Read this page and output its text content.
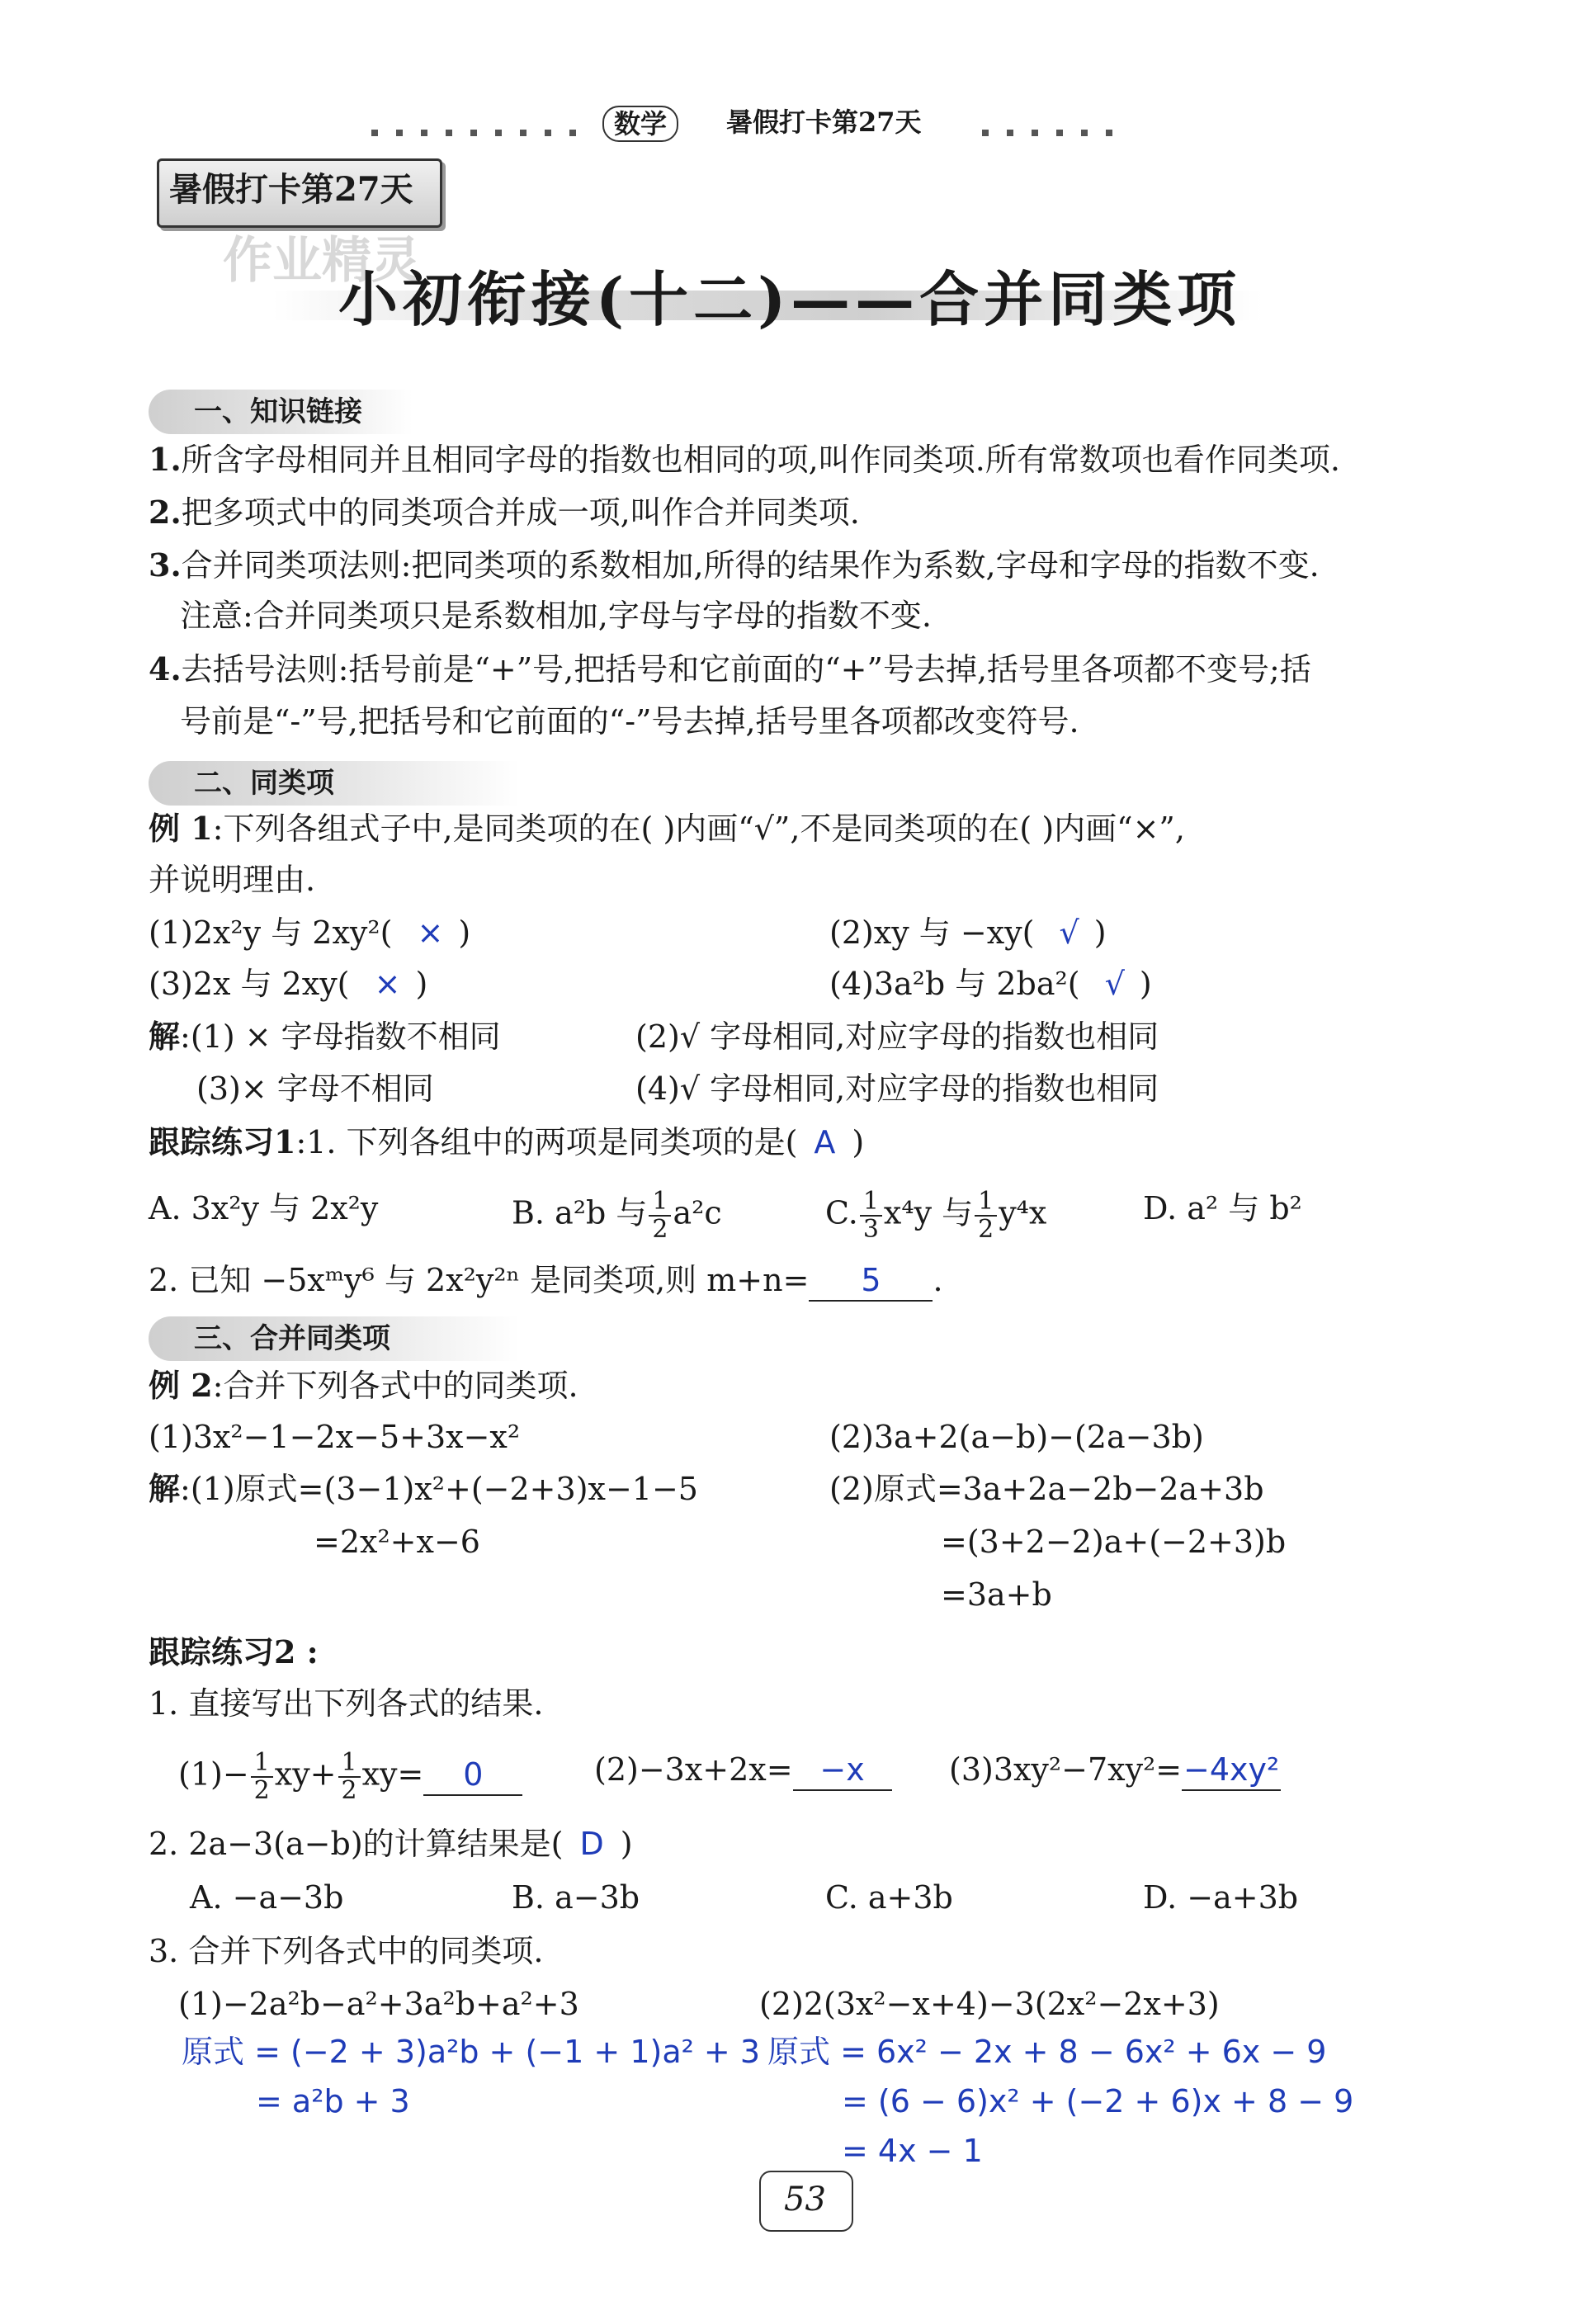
数学	暑假打卡第27天
暑假打卡第27天
作业精灵
小初衔接(十二)——合并同类项
一、知识链接
1.所含字母相同并且相同字母的指数也相同的项,叫作同类项.所有常数项也看作同类项.
2.把多项式中的同类项合并成一项,叫作合并同类项.
3.合并同类项法则:把同类项的系数相加,所得的结果作为系数,字母和字母的指数不变.
注意:合并同类项只是系数相加,字母与字母的指数不变.
4.去括号法则:括号前是“+”号,把括号和它前面的“+”号去掉,括号里各项都不变号;括
号前是“-”号,把括号和它前面的“-”号去掉,括号里各项都改变符号.
二、同类项
例 1:下列各组式子中,是同类项的在( )内画“√”,不是同类项的在( )内画“×”,
并说明理由.
(1)2x²y 与 2xy²( × )	(2)xy 与 −xy( √ )
(3)2x 与 2xy( × )	(4)3a²b 与 2ba²( √ )
解:(1) × 字母指数不相同	(2)√ 字母相同,对应字母的指数也相同
(3)× 字母不相同	(4)√ 字母相同,对应字母的指数也相同
跟踪练习1:1. 下列各组中的两项是同类项的是( A )
A. 3x²y 与 2x²y	B. a²b 与 $\frac{1}{2} a^2c$	C. $\frac{1}{3} x^4y$ 与 $\frac{1}{2} y^4x$	D. a² 与 b²
2. 已知 −5xᵐy⁶ 与 2x²y²ⁿ 是同类项,则 m+n= 5 .
三、合并同类项
例 2:合并下列各式中的同类项.
(1)3x²−1−2x−5+3x−x²	(2)3a+2(a−b)−(2a−3b)
解:(1)原式=(3−1)x²+(−2+3)x−1−5	(2)原式=3a+2a−2b−2a+3b
=2x²+x−6	=(3+2−2)a+(−2+3)b
=3a+b
跟踪练习2 :
1. 直接写出下列各式的结果.
$(1)- \frac{1}{2} xy+ \frac{1}{2} xy= 0$	(2)−3x+2x= −x	(3)3xy²−7xy²=−4xy²
2. 2a−3(a−b)的计算结果是( D )
A. −a−3b	B. a−3b	C. a+3b	D. −a+3b
3. 合并下列各式中的同类项.
(1)−2a²b−a²+3a²b+a²+3	(2)2(3x²−x+4)−3(2x²−2x+3)
原式 = (−2 + 3)a²b + (−1 + 1)a² + 3
= a²b + 3
原式 = 6x² − 2x + 8 − 6x² + 6x − 9
= (6 − 6)x² + (−2 + 6)x + 8 − 9
= 4x − 1
53
